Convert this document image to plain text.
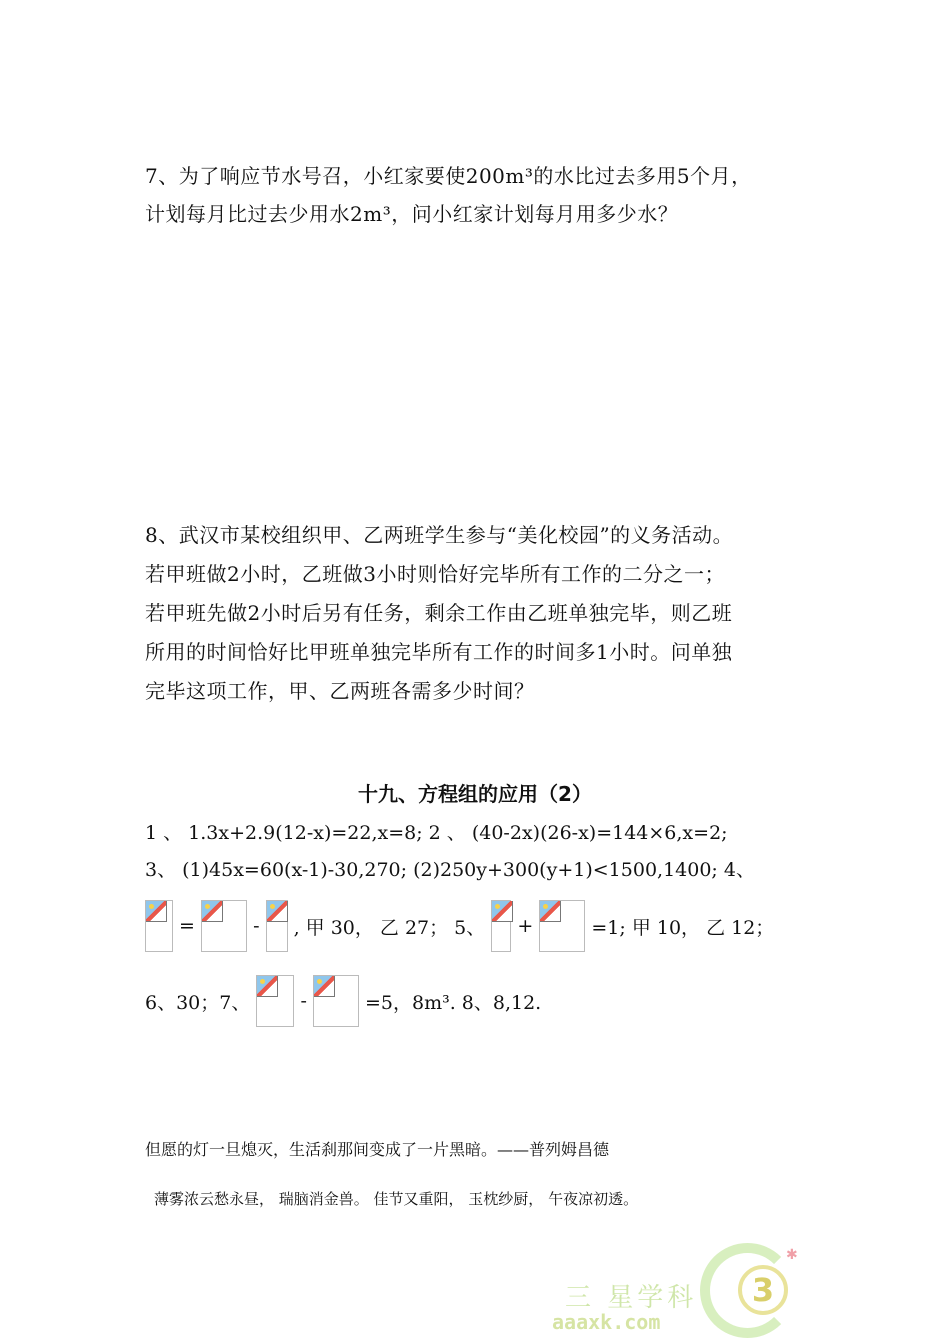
7、为了响应节水号召，小红家要使200m³的水比过去多用5个月，
计划每月比过去少用水2m³，问小红家计划每月用多少水？
8、武汉市某校组织甲、乙两班学生参与“美化校园”的义务活动。
若甲班做2小时，乙班做3小时则恰好完毕所有工作的二分之一；
若甲班先做2小时后另有任务，剩余工作由乙班单独完毕，则乙班
所用的时间恰好比甲班单独完毕所有工作的时间多1小时。问单独
完毕这项工作，甲、乙两班各需多少时间？
十九、方程组的应用（2）
1 、 1.3x+2.9(12-x)=22,x=8; 2 、 (40-2x)(26-x)=144×6,x=2;
3、 (1)45x=60(x-1)-30,270; (2)250y+300(y+1)<1500,1400; 4、
=	- , 甲 30， 乙 27； 5、 +	=1; 甲 10， 乙 12；
6、30；7、	-	=5，8m³. 8、8,12.
但愿的灯一旦熄灭，生活刹那间变成了一片黑暗。——普列姆昌德
薄雾浓云愁永昼， 瑞脑消金兽。 佳节又重阳， 玉枕纱厨， 午夜凉初透。
3
✱
三 星学科
aaaxk.com
